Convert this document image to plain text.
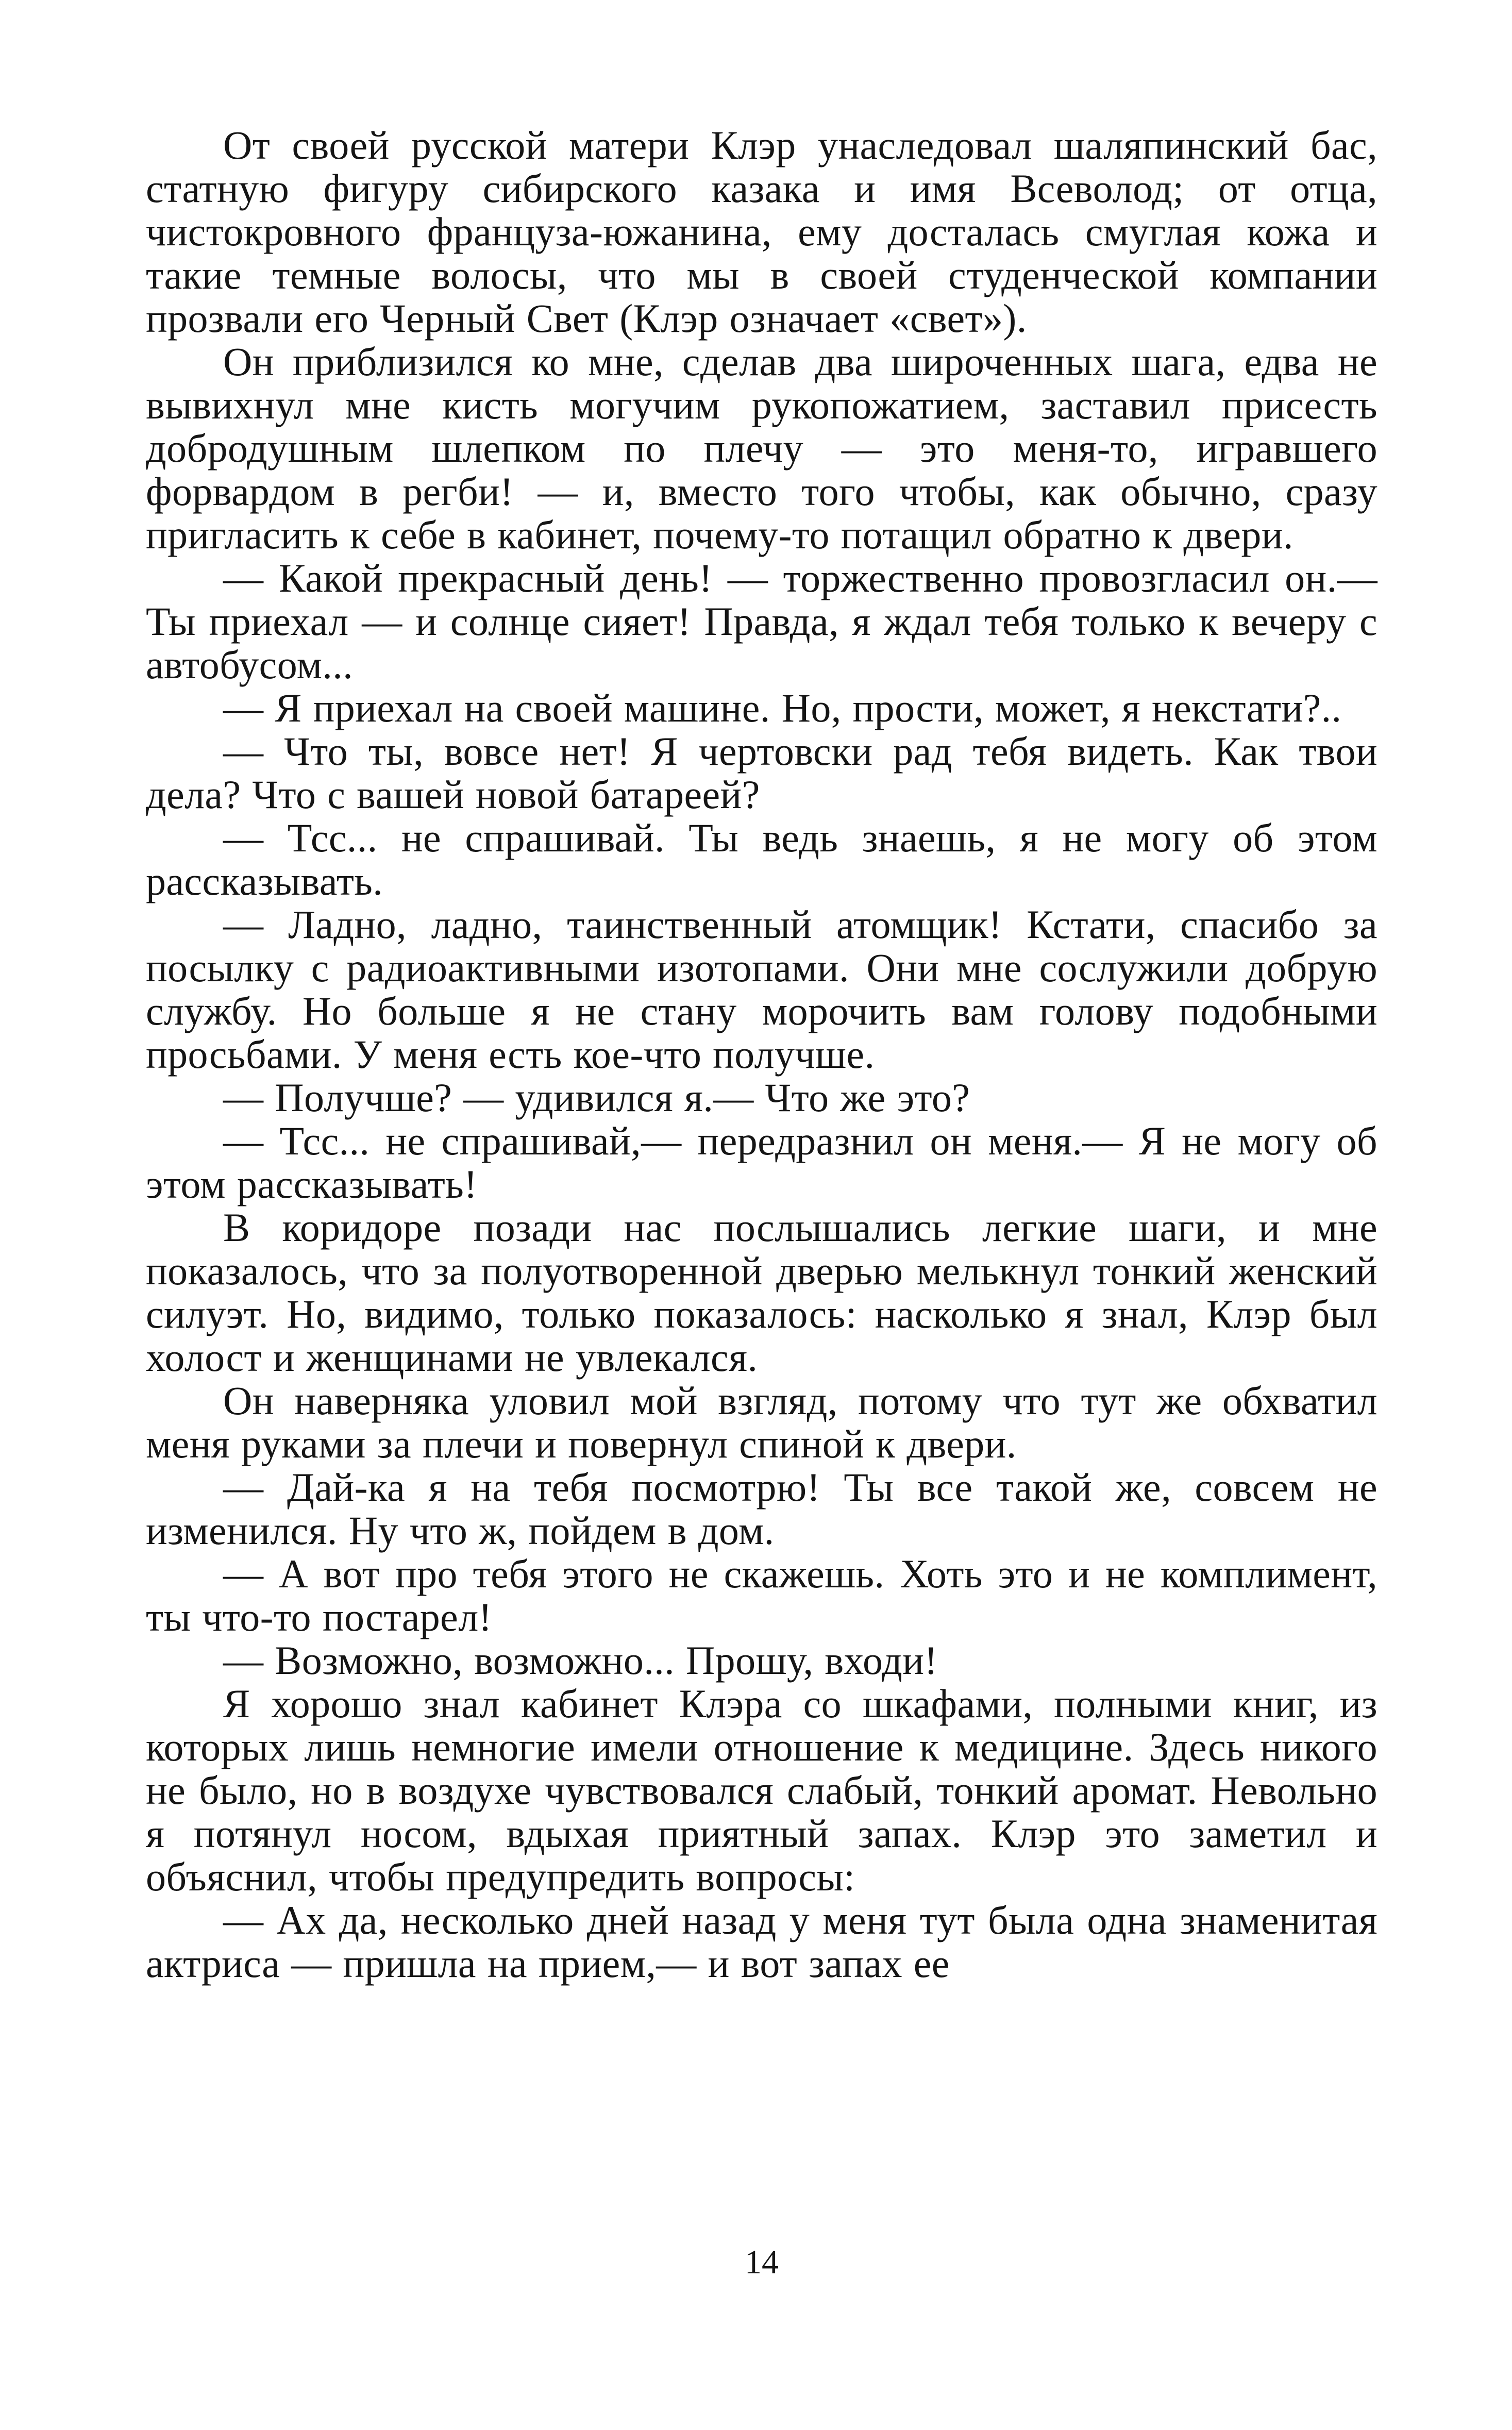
От своей русской матери Клэр унаследовал шаляпинский бас, статную фигуру сибирского казака и имя Всеволод; от отца, чистокровного француза-южанина, ему досталась смуглая кожа и такие темные волосы, что мы в своей студенческой компании прозвали его Черный Свет (Клэр означает «свет»).

Он приблизился ко мне, сделав два широченных шага, едва не вывихнул мне кисть могучим рукопожатием, заставил присесть добродушным шлепком по плечу — это меня-то, игравшего форвардом в регби! — и, вместо того чтобы, как обычно, сразу пригласить к себе в кабинет, почему-то потащил обратно к двери.

— Какой прекрасный день! — торжественно провозгласил он.— Ты приехал — и солнце сияет! Правда, я ждал тебя только к вечеру с автобусом...

— Я приехал на своей машине. Но, прости, может, я некстати?..

— Что ты, вовсе нет! Я чертовски рад тебя видеть. Как твои дела? Что с вашей новой батареей?

— Тсс... не спрашивай. Ты ведь знаешь, я не могу об этом рассказывать.

— Ладно, ладно, таинственный атомщик! Кстати, спасибо за посылку с радиоактивными изотопами. Они мне сослужили добрую службу. Но больше я не стану морочить вам голову подобными просьбами. У меня есть кое-что получше.

— Получше? — удивился я.— Что же это?

— Тсс... не спрашивай,— передразнил он меня.— Я не могу об этом рассказывать!

В коридоре позади нас послышались легкие шаги, и мне показалось, что за полуотворенной дверью мелькнул тонкий женский силуэт. Но, видимо, только показалось: насколько я знал, Клэр был холост и женщинами не увлекался.

Он наверняка уловил мой взгляд, потому что тут же обхватил меня руками за плечи и повернул спиной к двери.

— Дай-ка я на тебя посмотрю! Ты все такой же, совсем не изменился. Ну что ж, пойдем в дом.

— А вот про тебя этого не скажешь. Хоть это и не комплимент, ты что-то постарел!

— Возможно, возможно... Прошу, входи!

Я хорошо знал кабинет Клэра со шкафами, полными книг, из которых лишь немногие имели отношение к медицине. Здесь никого не было, но в воздухе чувствовался слабый, тонкий аромат. Невольно я потянул носом, вдыхая приятный запах. Клэр это заметил и объяснил, чтобы предупредить вопросы:

— Ах да, несколько дней назад у меня тут была одна знаменитая актриса — пришла на прием,— и вот запах ее

14
